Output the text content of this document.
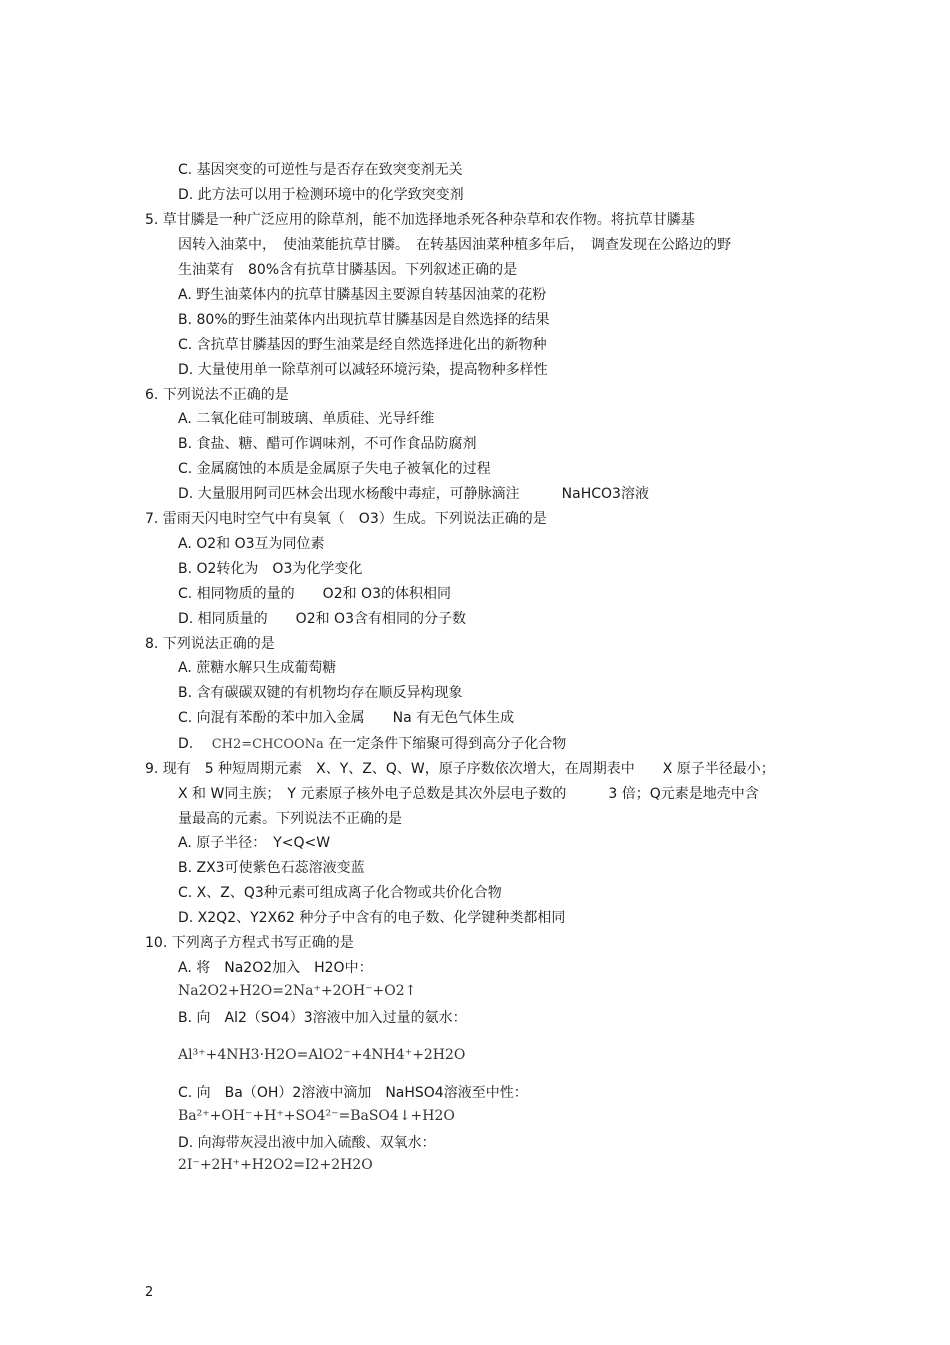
C. 基因突变的可逆性与是否存在致突变剂无关
D. 此方法可以用于检测环境中的化学致突变剂
5. 草甘膦是一种广泛应用的除草剂，能不加选择地杀死各种杂草和农作物。将抗草甘膦基
因转入油菜中，　使油菜能抗草甘膦。　在转基因油菜种植多年后，　调查发现在公路边的野
生油菜有　80%含有抗草甘膦基因。下列叙述正确的是
A. 野生油菜体内的抗草甘膦基因主要源自转基因油菜的花粉
B. 80%的野生油菜体内出现抗草甘膦基因是自然选择的结果
C. 含抗草甘膦基因的野生油菜是经自然选择进化出的新物种
D. 大量使用单一除草剂可以减轻环境污染，提高物种多样性
6. 下列说法不正确的是
A. 二氧化硅可制玻璃、单质硅、光导纤维
B. 食盐、糖、醋可作调味剂，不可作食品防腐剂
C. 金属腐蚀的本质是金属原子失电子被氧化的过程
D. 大量服用阿司匹林会出现水杨酸中毒症，可静脉滴注　　　NaHCO3溶液
7. 雷雨天闪电时空气中有臭氧（　O3）生成。下列说法正确的是
A. O2和 O3互为同位素
B. O2转化为　O3为化学变化
C. 相同物质的量的　　O2和 O3的体积相同
D. 相同质量的　　O2和 O3含有相同的分子数
8. 下列说法正确的是
A. 蔗糖水解只生成葡萄糖
B. 含有碳碳双键的有机物均存在顺反异构现象
C. 向混有苯酚的苯中加入金属　　Na 有无色气体生成
D. CH2=CHCOONa 在一定条件下缩聚可得到高分子化合物
9. 现有　5 种短周期元素　X、Y、Z、Q、W，原子序数依次增大，在周期表中　　X 原子半径最小；
X 和 W同主族；　Y 元素原子核外电子总数是其次外层电子数的　　　3 倍；Q元素是地壳中含
量最高的元素。下列说法不正确的是
A. 原子半径：　Y<Q<W
B. ZX3可使紫色石蕊溶液变蓝
C. X、Z、Q3种元素可组成离子化合物或共价化合物
D. X2Q2、Y2X62 种分子中含有的电子数、化学键种类都相同
10. 下列离子方程式书写正确的是
A. 将　Na2O2加入　H2O中：
Na2O2+H2O=2Na⁺+2OH⁻+O2↑
B. 向　Al2（SO4）3溶液中加入过量的氨水：
Al³⁺+4NH3·H2O=AlO2⁻+4NH4⁺+2H2O
C. 向　Ba（OH）2溶液中滴加　NaHSO4溶液至中性：
Ba²⁺+OH⁻+H⁺+SO4²⁻=BaSO4↓+H2O
D. 向海带灰浸出液中加入硫酸、双氧水：
2I⁻+2H⁺+H2O2=I2+2H2O
2
